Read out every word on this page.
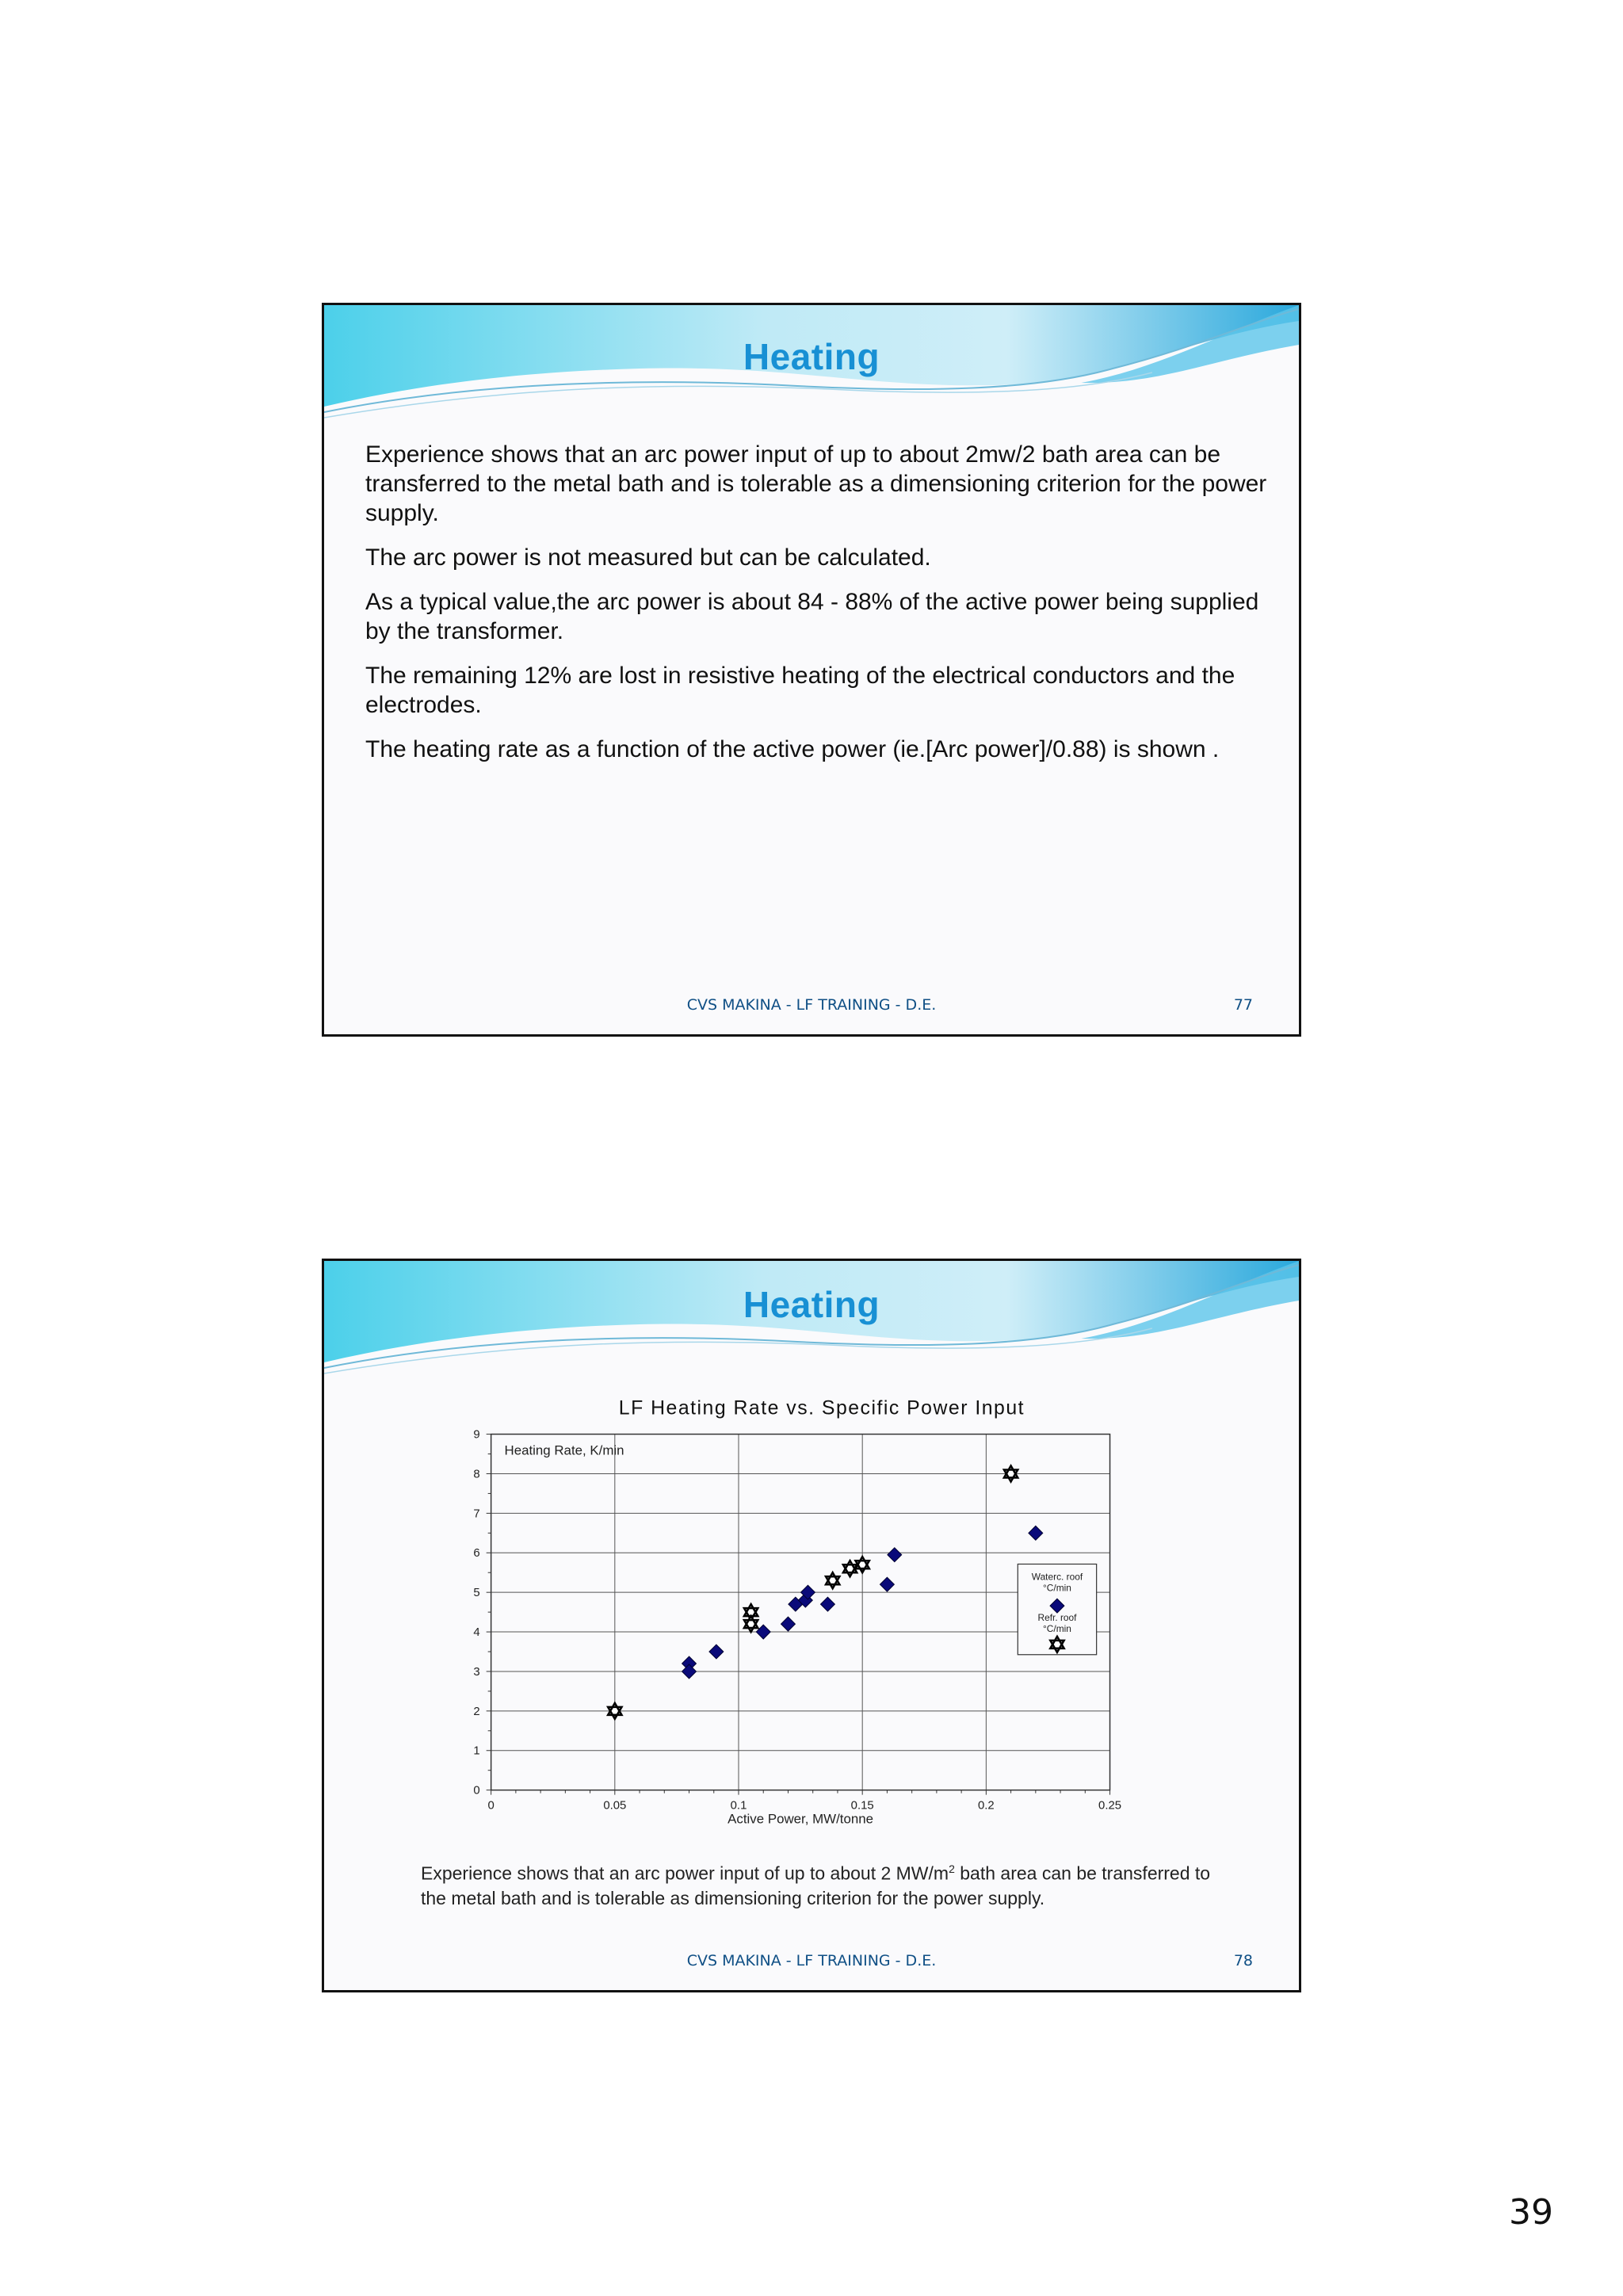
Heating

Experience shows that an arc power input of up to about 2mw/2 bath area can be transferred to the metal bath and is tolerable as a dimensioning criterion for the power supply.

The arc power is not measured but can be calculated.

As a typical value,the arc power is about 84 - 88% of the active power being supplied by the transformer.

The remaining 12% are lost in resistive heating of the electrical conductors and the electrodes.

The heating rate as a function of the active power (ie.[Arc power]/0.88) is shown .

CVS MAKINA - LF TRAINING - D.E.	77
Heating
LF Heating Rate vs. Specific Power Input
0
1
2
3
4
5
6
7
8
9
0	0.05	0.1	0.15	0.2	0.25
Heating Rate, K/min
Active Power, MW/tonne
Waterc. roof °C/min
Refr. roof °C/min
Experience shows that an arc power input of up to about 2 $MW/m^2$ bath area can be transferred to the metal bath and is tolerable as dimensioning criterion for the power supply.
CVS MAKINA - LF TRAINING - D.E.	78
39
